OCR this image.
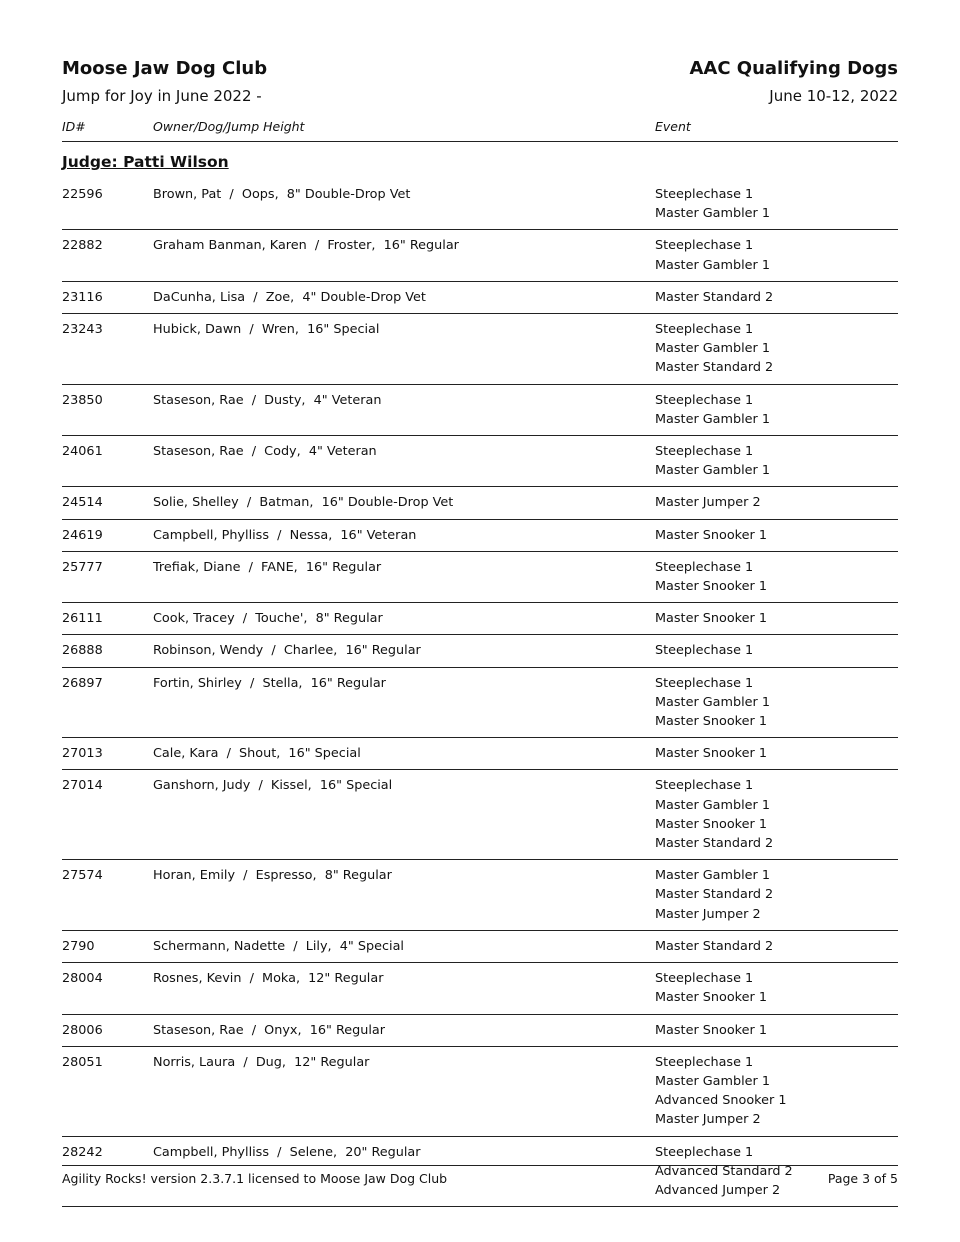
Moose Jaw Dog Club
Jump for Joy in June 2022 -
AAC Qualifying Dogs
June 10-12, 2022
ID#	Owner/Dog/Jump Height	Event
Judge: Patti Wilson
22596	Brown, Pat  /  Oops,  8" Double-Drop Vet	Steeplechase 1
Master Gambler 1
22882	Graham Banman, Karen  /  Froster,  16" Regular	Steeplechase 1
Master Gambler 1
23116	DaCunha, Lisa  /  Zoe,  4" Double-Drop Vet	Master Standard 2
23243	Hubick, Dawn  /  Wren,  16" Special	Steeplechase 1
Master Gambler 1
Master Standard 2
23850	Staseson, Rae  /  Dusty,  4" Veteran	Steeplechase 1
Master Gambler 1
24061	Staseson, Rae  /  Cody,  4" Veteran	Steeplechase 1
Master Gambler 1
24514	Solie, Shelley  /  Batman,  16" Double-Drop Vet	Master Jumper 2
24619	Campbell, Phylliss  /  Nessa,  16" Veteran	Master Snooker 1
25777	Trefiak, Diane  /  FANE,  16" Regular	Steeplechase 1
Master Snooker 1
26111	Cook, Tracey  /  Touche',  8" Regular	Master Snooker 1
26888	Robinson, Wendy  /  Charlee,  16" Regular	Steeplechase 1
26897	Fortin, Shirley  /  Stella,  16" Regular	Steeplechase 1
Master Gambler 1
Master Snooker 1
27013	Cale, Kara  /  Shout,  16" Special	Master Snooker 1
27014	Ganshorn, Judy  /  Kissel,  16" Special	Steeplechase 1
Master Gambler 1
Master Snooker 1
Master Standard 2
27574	Horan, Emily  /  Espresso,  8" Regular	Master Gambler 1
Master Standard 2
Master Jumper 2
2790	Schermann, Nadette  /  Lily,  4" Special	Master Standard 2
28004	Rosnes, Kevin  /  Moka,  12" Regular	Steeplechase 1
Master Snooker 1
28006	Staseson, Rae  /  Onyx,  16" Regular	Master Snooker 1
28051	Norris, Laura  /  Dug,  12" Regular	Steeplechase 1
Master Gambler 1
Advanced Snooker 1
Master Jumper 2
28242	Campbell, Phylliss  /  Selene,  20" Regular	Steeplechase 1
Advanced Standard 2
Advanced Jumper 2
Agility Rocks! version 2.3.7.1 licensed to Moose Jaw Dog Club	Page 3 of 5
